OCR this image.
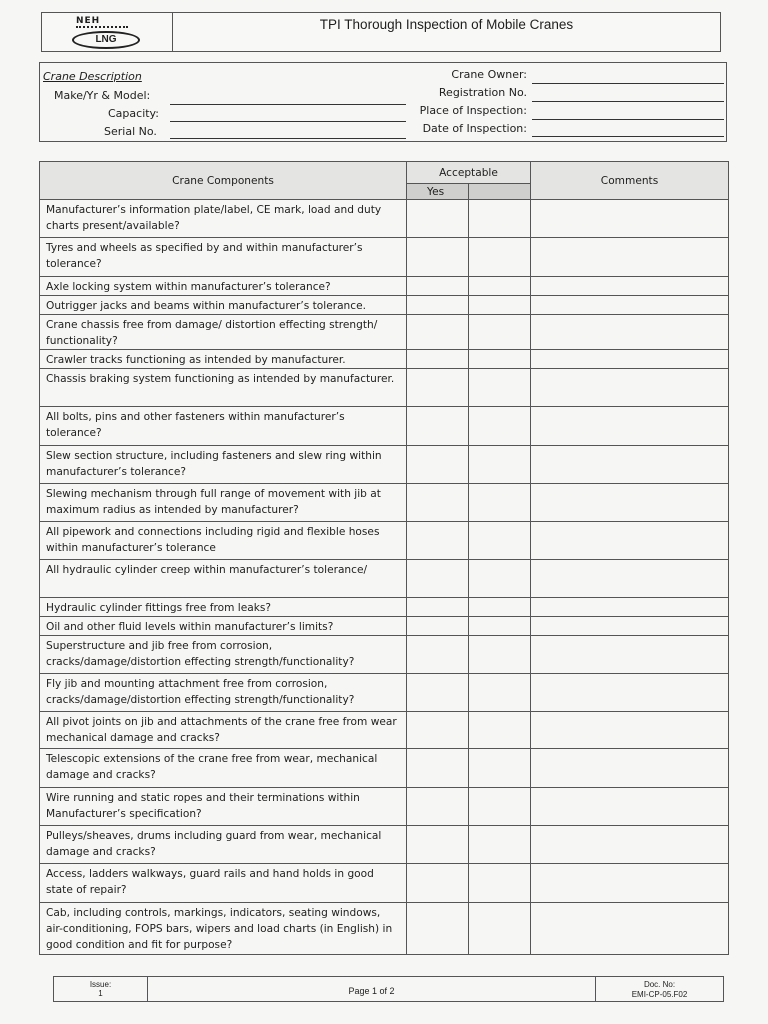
NEH
LNG
TPI Thorough Inspection of Mobile Cranes
Crane Description
Make/Yr & Model:
Capacity:
Serial No.
Crane Owner:
Registration No.
Place of Inspection:
Date of Inspection:
Crane Components	Acceptable		Comments
	Yes		
Manufacturer’s information plate/label, CE mark, load and duty charts present/available?			
Tyres and wheels as specified by and within manufacturer’s tolerance?			
Axle locking system within manufacturer’s tolerance?			
Outrigger jacks and beams within manufacturer’s tolerance.			
Crane chassis free from damage/ distortion effecting strength/ functionality?			
Crawler tracks functioning as intended by manufacturer.			
Chassis braking system functioning as intended by manufacturer.			
All bolts, pins and other fasteners within manufacturer’s tolerance?			
Slew section structure, including fasteners and slew ring within manufacturer’s tolerance?			
Slewing mechanism through full range of movement with jib at maximum radius as intended by manufacturer?			
All pipework and connections including rigid and flexible hoses within manufacturer’s tolerance			
All hydraulic cylinder creep within manufacturer’s tolerance/			
Hydraulic cylinder fittings free from leaks?			
Oil and other fluid levels within manufacturer’s limits?			
Superstructure and jib free from corrosion, cracks/damage/distortion effecting strength/functionality?			
Fly jib and mounting attachment free from corrosion, cracks/damage/distortion effecting strength/functionality?			
All pivot joints on jib and attachments of the crane free from wear mechanical damage and cracks?			
Telescopic extensions of the crane free from wear, mechanical damage and cracks?			
Wire running and static ropes and their terminations within Manufacturer’s specification?			
Pulleys/sheaves, drums including guard from wear, mechanical damage and cracks?			
Access, ladders walkways, guard rails and hand holds in good state of repair?			
Cab, including controls, markings, indicators, seating windows, air-conditioning, FOPS bars, wipers and load charts (in English) in good condition and fit for purpose?			
Issue:
1	Page 1 of 2
Doc. No:
EMI-CP-05.F02
